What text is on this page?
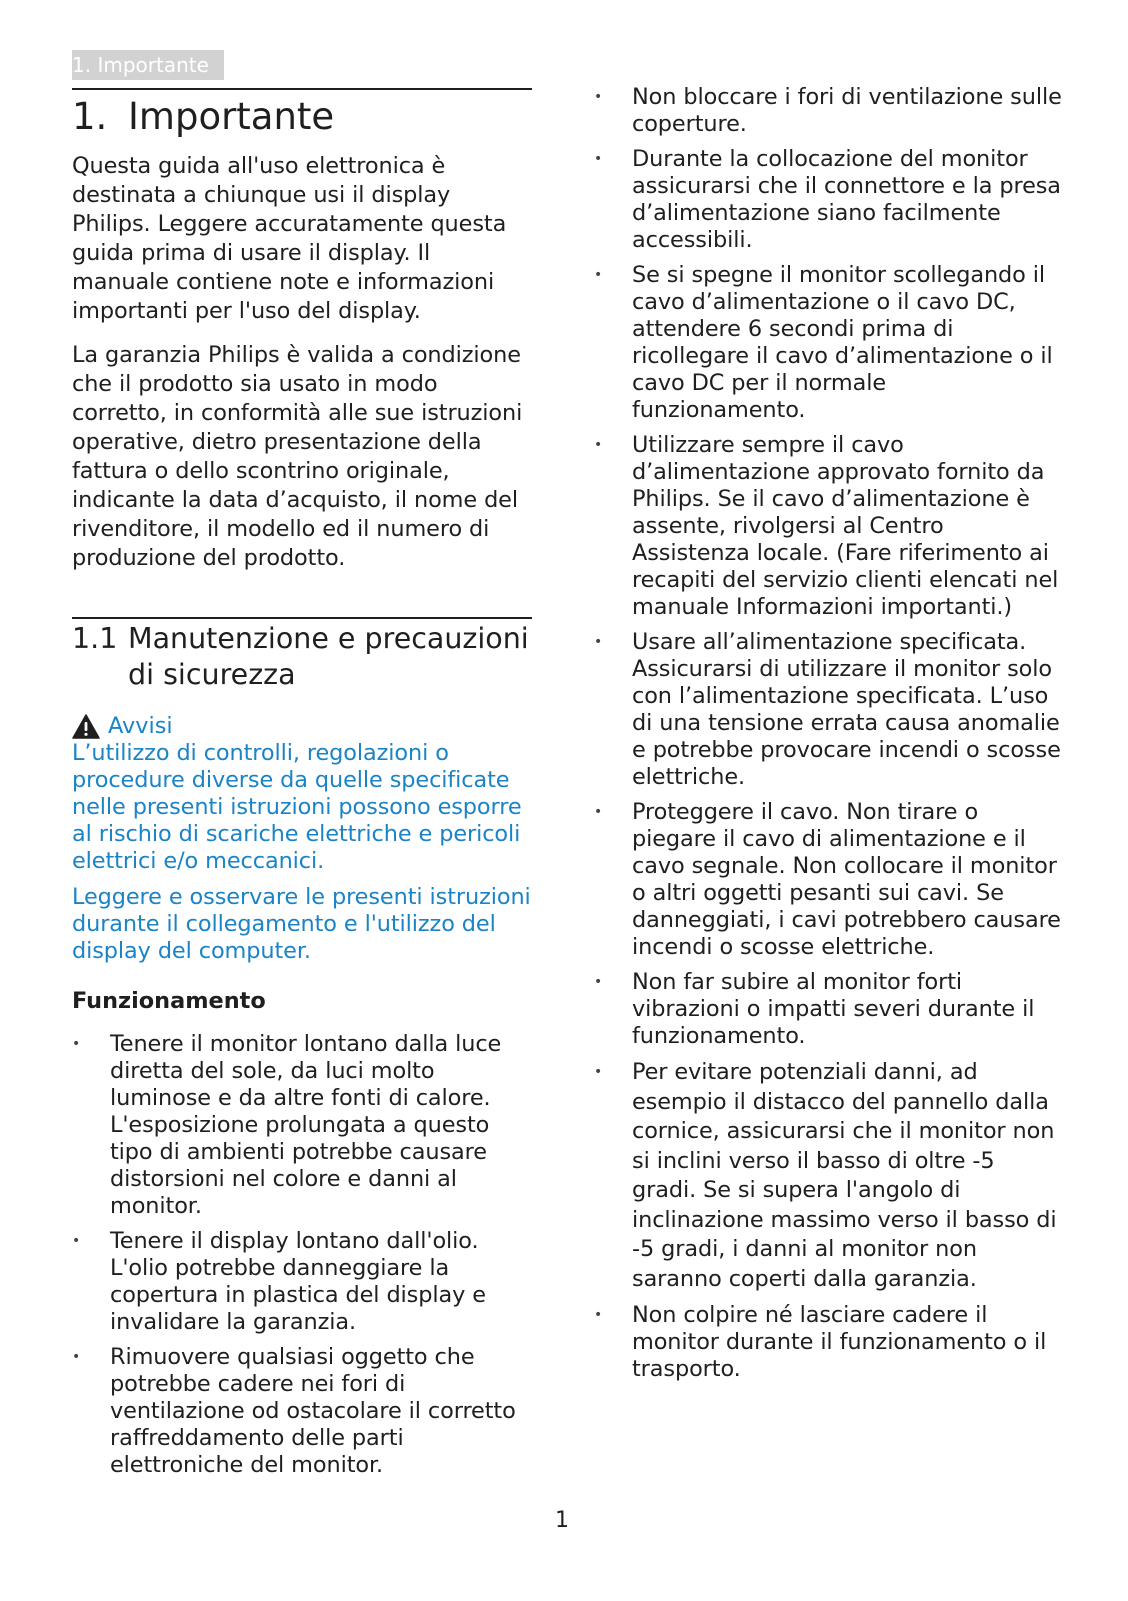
1. Importante
1. Importante

Questa guida all'uso elettronica è destinata a chiunque usi il display Philips. Leggere accuratamente questa guida prima di usare il display. Il manuale contiene note e informazioni importanti per l'uso del display.

La garanzia Philips è valida a condizione che il prodotto sia usato in modo corretto, in conformità alle sue istruzioni operative, dietro presentazione della fattura o dello scontrino originale, indicante la data d’acquisto, il nome del rivenditore, il modello ed il numero di produzione del prodotto.

1.1 Manutenzione e precauzioni di sicurezza
Avvisi

L’utilizzo di controlli, regolazioni o procedure diverse da quelle specificate nelle presenti istruzioni possono esporre al rischio di scariche elettriche e pericoli elettrici e/o meccanici.

Leggere e osservare le presenti istruzioni durante il collegamento e l'utilizzo del display del computer.

Funzionamento
• Tenere il monitor lontano dalla luce diretta del sole, da luci molto luminose e da altre fonti di calore. L'esposizione prolungata a questo tipo di ambienti potrebbe causare distorsioni nel colore e danni al monitor.
• Tenere il display lontano dall'olio. L'olio potrebbe danneggiare la copertura in plastica del display e invalidare la garanzia.
• Rimuovere qualsiasi oggetto che potrebbe cadere nei fori di ventilazione od ostacolare il corretto raffreddamento delle parti elettroniche del monitor.
• Non bloccare i fori di ventilazione sulle coperture.
• Durante la collocazione del monitor assicurarsi che il connettore e la presa d’alimentazione siano facilmente accessibili.
• Se si spegne il monitor scollegando il cavo d’alimentazione o il cavo DC, attendere 6 secondi prima di ricollegare il cavo d’alimentazione o il cavo DC per il normale funzionamento.
• Utilizzare sempre il cavo d’alimentazione approvato fornito da Philips. Se il cavo d’alimentazione è assente, rivolgersi al Centro Assistenza locale. (Fare riferimento ai recapiti del servizio clienti elencati nel manuale Informazioni importanti.)
• Usare all’alimentazione specificata. Assicurarsi di utilizzare il monitor solo con l’alimentazione specificata. L’uso di una tensione errata causa anomalie e potrebbe provocare incendi o scosse elettriche.
• Proteggere il cavo. Non tirare o piegare il cavo di alimentazione e il cavo segnale. Non collocare il monitor o altri oggetti pesanti sui cavi. Se danneggiati, i cavi potrebbero causare incendi o scosse elettriche.
• Non far subire al monitor forti vibrazioni o impatti severi durante il funzionamento.
• Per evitare potenziali danni, ad esempio il distacco del pannello dalla cornice, assicurarsi che il monitor non si inclini verso il basso di oltre -5 gradi. Se si supera l'angolo di inclinazione massimo verso il basso di -5 gradi, i danni al monitor non saranno coperti dalla garanzia.
• Non colpire né lasciare cadere il monitor durante il funzionamento o il trasporto.
1
